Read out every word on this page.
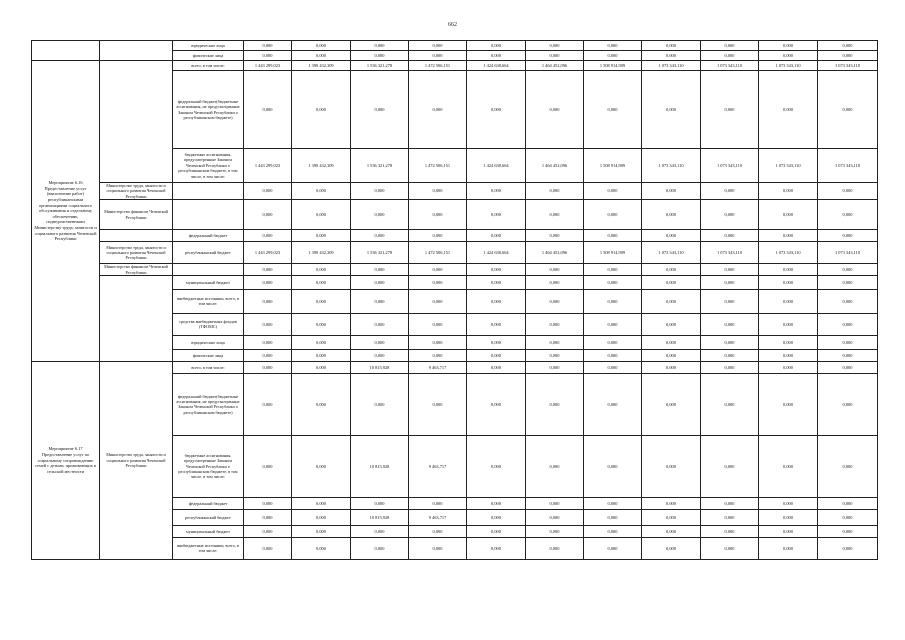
662
		юридические лица	0,000	0,000	0,000	0,000	0,000	0,000	0,000	0,000	0,000	0,000	0,000
		физические лица	0,000	0,000	0,000	0,000	0,000	0,000	0,000	0,000	0,000	0,000	0,000
Мероприятие 6.16 Предоставление услуг (выполнение работ) республиканскими организациями социального обслуживания и отдельному обеспечению, подведомственными Министерству труда, занятости и социального развития Чеченской Республики		всего, в том числе:	1 443 299,023	1 390 432,309	1 536 321,278	1 472 506,151	1 424 638,664	1 464 452,096	1 508 914,909	1 073 343,110	1 073 343,110	1 073 343,110	1 073 343,110
		федеральный бюджет(бюджетные ассигнования, не предусмотренные Законом Чеченской Республики о республиканском бюджете)	0,000	0,000	0,000	0,000	0,000	0,000	0,000	0,000	0,000	0,000	0,000
		бюджетные ассигнования, предусмотренные Законом Чеченской Республики о республиканском бюджете, в том числе, в том числе:	1 443 299,023	1 390 432,309	1 536 321,278	1 472 506,151	1 424 638,664	1 464 452,096	1 508 914,909	1 073 343,110	1 073 343,110	1 073 343,110	1 073 343,110
	Министерство труда, занятости и социального развития Чеченской Республики		0,000	0,000	0,000	0,000	0,000	0,000	0,000	0,000	0,000	0,000	0,000
	Министерство финансов Чеченской Республики		0,000	0,000	0,000	0,000	0,000	0,000	0,000	0,000	0,000	0,000	0,000
		федеральный бюджет	0,000	0,000	0,000	0,000	0,000	0,000	0,000	0,000	0,000	0,000	0,000
	Министерство труда, занятости и социального развития Чеченской Республики	республиканский бюджет	1 443 299,023	1 390 432,309	1 536 321,278	1 472 506,151	1 424 638,664	1 464 452,096	1 508 914,909	1 073 343,110	1 073 343,110	1 073 343,110	1 073 343,110
	Министерство финансов Чеченской Республики		0,000	0,000	0,000	0,000	0,000	0,000	0,000	0,000	0,000	0,000	0,000
		муниципальный бюджет	0,000	0,000	0,000	0,000	0,000	0,000	0,000	0,000	0,000	0,000	0,000
		внебюджетные источники, всего, в том числе:	0,000	0,000	0,000	0,000	0,000	0,000	0,000	0,000	0,000	0,000	0,000
		средства внебюджетных фондов (ТФОМС)	0,000	0,000	0,000	0,000	0,000	0,000	0,000	0,000	0,000	0,000	0,000
		юридические лица	0,000	0,000	0,000	0,000	0,000	0,000	0,000	0,000	0,000	0,000	0,000
		физические лица	0,000	0,000	0,000	0,000	0,000	0,000	0,000	0,000	0,000	0,000	0,000
Мероприятие 6.17 Предоставление услуг по социальному сопровождению семей с детьми, проживающих в сельской местности	Министерство труда, занятости и социального развития Чеченской Республики	всего, в том числе:	0,000	0,000	10 815,928	9 463,717	0,000	0,000	0,000	0,000	0,000	0,000	0,000
		федеральный бюджет(бюджетные ассигнования, не предусмотренные Законом Чеченской Республики о республиканском бюджете)	0,000	0,000	0,000	0,000	0,000	0,000	0,000	0,000	0,000	0,000	0,000
		бюджетные ассигнования, предусмотренные Законом Чеченской Республики о республиканском бюджете, в том числе, в том числе:	0,000	0,000	10 815,928	9 463,717	0,000	0,000	0,000	0,000	0,000	0,000	0,000
		федеральный бюджет	0,000	0,000	0,000	0,000	0,000	0,000	0,000	0,000	0,000	0,000	0,000
		республиканский бюджет	0,000	0,000	10 815,928	9 463,717	0,000	0,000	0,000	0,000	0,000	0,000	0,000
		муниципальный бюджет	0,000	0,000	0,000	0,000	0,000	0,000	0,000	0,000	0,000	0,000	0,000
		внебюджетные источники, всего, в том числе:	0,000	0,000	0,000	0,000	0,000	0,000	0,000	0,000	0,000	0,000	0,000
